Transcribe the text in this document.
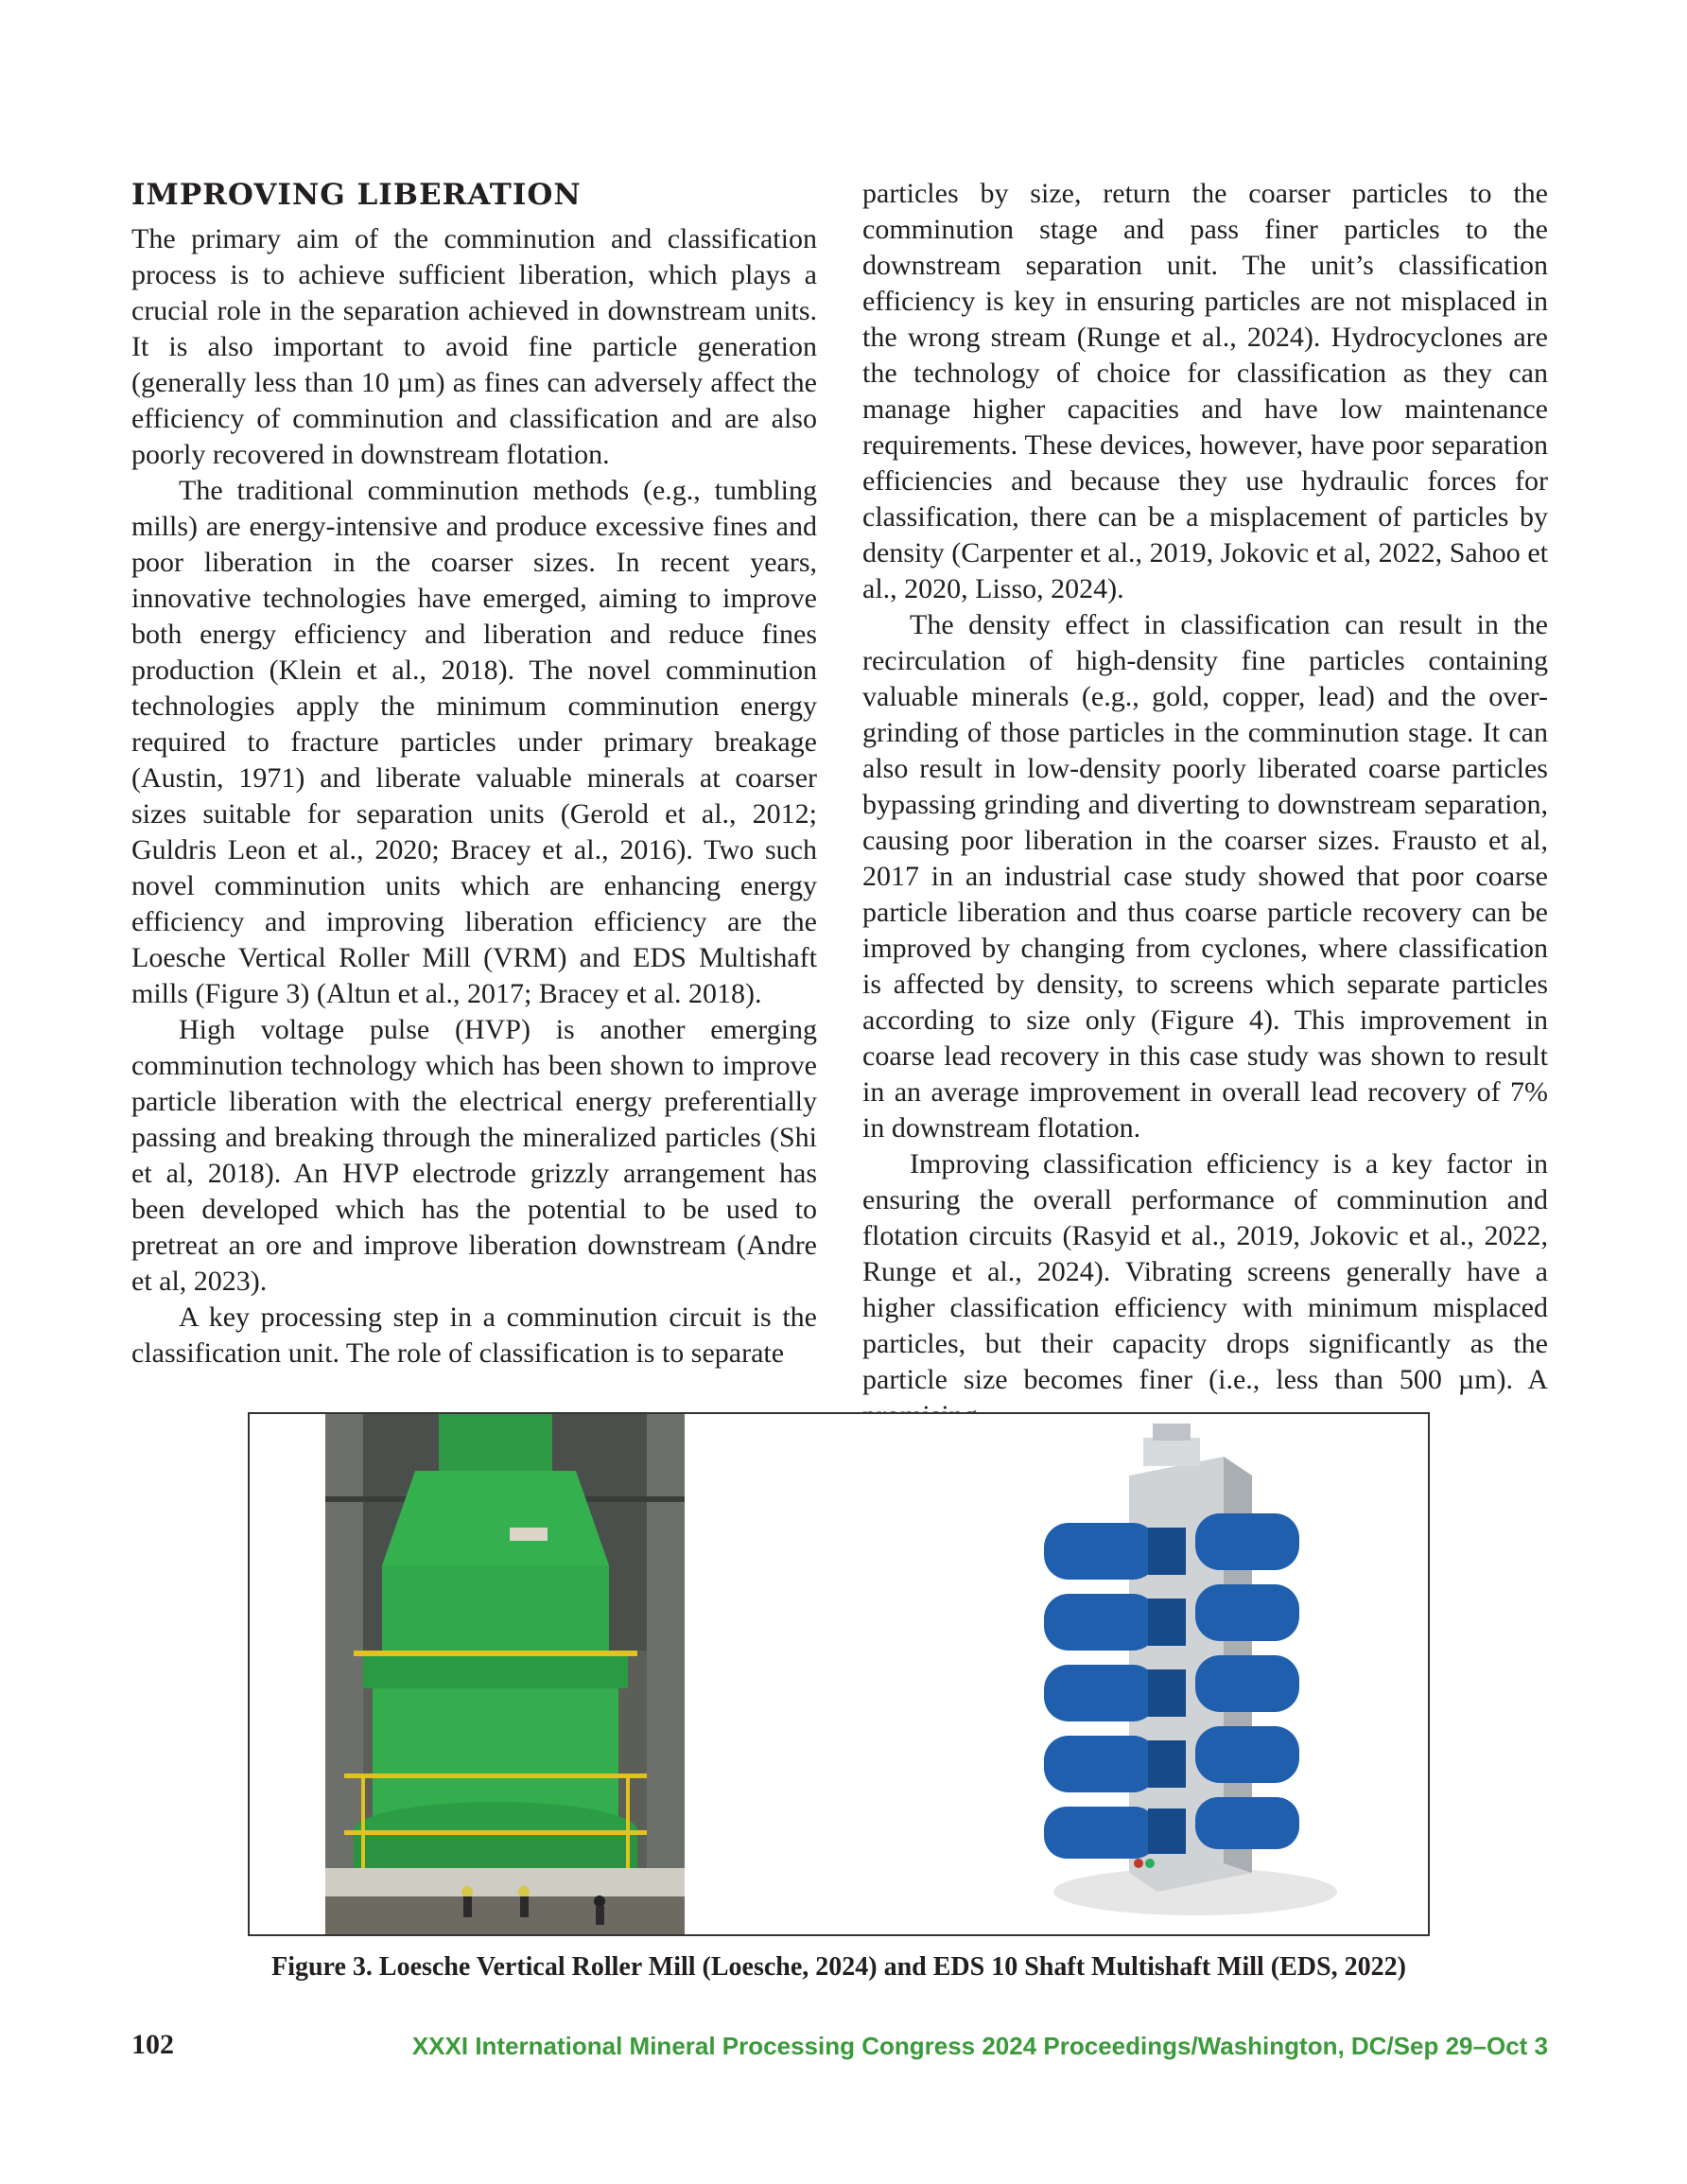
IMPROVING LIBERATION

The primary aim of the comminution and classification process is to achieve sufficient liberation, which plays a crucial role in the separation achieved in downstream units. It is also important to avoid fine particle generation (generally less than 10 µm) as fines can adversely affect the efficiency of comminution and classification and are also poorly recovered in downstream flotation.

The traditional comminution methods (e.g., tumbling mills) are energy-intensive and produce excessive fines and poor liberation in the coarser sizes. In recent years, innovative technologies have emerged, aiming to improve both energy efficiency and liberation and reduce fines production (Klein et al., 2018). The novel comminution technologies apply the minimum comminution energy required to fracture particles under primary breakage (Austin, 1971) and liberate valuable minerals at coarser sizes suitable for separation units (Gerold et al., 2012; Guldris Leon et al., 2020; Bracey et al., 2016). Two such novel comminution units which are enhancing energy efficiency and improving liberation efficiency are the Loesche Vertical Roller Mill (VRM) and EDS Multishaft mills (Figure 3) (Altun et al., 2017; Bracey et al. 2018).

High voltage pulse (HVP) is another emerging comminution technology which has been shown to improve particle liberation with the electrical energy preferentially passing and breaking through the mineralized particles (Shi et al, 2018). An HVP electrode grizzly arrangement has been developed which has the potential to be used to pretreat an ore and improve liberation downstream (Andre et al, 2023).

A key processing step in a comminution circuit is the classification unit. The role of classification is to separate

particles by size, return the coarser particles to the comminution stage and pass finer particles to the downstream separation unit. The unit’s classification efficiency is key in ensuring particles are not misplaced in the wrong stream (Runge et al., 2024). Hydrocyclones are the technology of choice for classification as they can manage higher capacities and have low maintenance requirements. These devices, however, have poor separation efficiencies and because they use hydraulic forces for classification, there can be a misplacement of particles by density (Carpenter et al., 2019, Jokovic et al, 2022, Sahoo et al., 2020, Lisso, 2024).

The density effect in classification can result in the recirculation of high-density fine particles containing valuable minerals (e.g., gold, copper, lead) and the over-grinding of those particles in the comminution stage. It can also result in low-density poorly liberated coarse particles bypassing grinding and diverting to downstream separation, causing poor liberation in the coarser sizes. Frausto et al, 2017 in an industrial case study showed that poor coarse particle liberation and thus coarse particle recovery can be improved by changing from cyclones, where classification is affected by density, to screens which separate particles according to size only (Figure 4). This improvement in coarse lead recovery in this case study was shown to result in an average improvement in overall lead recovery of 7% in downstream flotation.

Improving classification efficiency is a key factor in ensuring the overall performance of comminution and flotation circuits (Rasyid et al., 2019, Jokovic et al., 2022, Runge et al., 2024). Vibrating screens generally have a higher classification efficiency with minimum misplaced particles, but their capacity drops significantly as the particle size becomes finer (i.e., less than 500 µm). A

Figure 3. Loesche Vertical Roller Mill (Loesche, 2024) and EDS 10 Shaft Multishaft Mill (EDS, 2022)
102	XXXI International Mineral Processing Congress 2024 Proceedings/Washington, DC/Sep 29–Oct 3
